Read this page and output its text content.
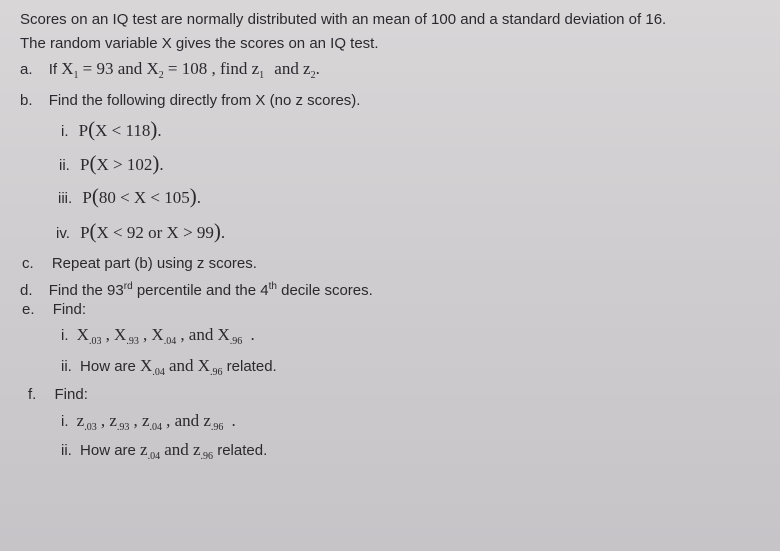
Scores on an IQ test are normally distributed with an mean of 100 and a standard deviation of 16.
The random variable X gives the scores on an IQ test.
a. If $X_1 = 93$ and $X_2 = 108$ , find $z_1$ and $z_2$.
b. Find the following directly from X (no z scores).
i. P(X < 118).
ii. P(X > 102).
iii. P(80 < X < 105).
iv. P(X < 92 or X > 99).
c. Repeat part (b) using z scores.
d. Find the 93rd percentile and the 4th decile scores.
e. Find:
i. $X_{.03}$ , $X_{.93}$ , $X_{.04}$ , and $X_{.96}$ .
ii. How are $X_{.04}$ and $X_{.96}$ related.
f. Find:
i. $z_{.03}$ , $z_{.93}$ , $z_{.04}$ , and $z_{.96}$ .
ii. How are $z_{.04}$ and $z_{.96}$ related.
